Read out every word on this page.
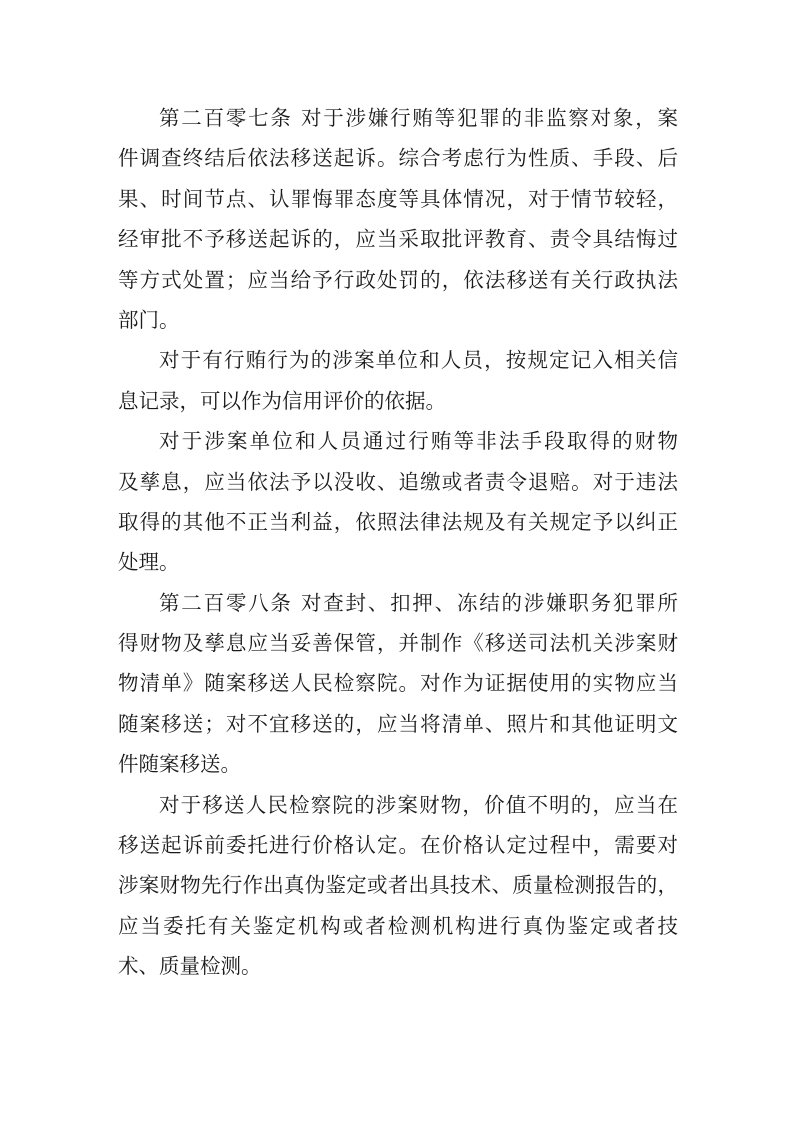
第二百零七条 对于涉嫌行贿等犯罪的非监察对象，案
件调查终结后依法移送起诉。综合考虑行为性质、手段、后
果、时间节点、认罪悔罪态度等具体情况，对于情节较轻，
经审批不予移送起诉的，应当采取批评教育、责令具结悔过
等方式处置；应当给予行政处罚的，依法移送有关行政执法
部门。
对于有行贿行为的涉案单位和人员，按规定记入相关信
息记录，可以作为信用评价的依据。
对于涉案单位和人员通过行贿等非法手段取得的财物
及孳息，应当依法予以没收、追缴或者责令退赔。对于违法
取得的其他不正当利益，依照法律法规及有关规定予以纠正
处理。
第二百零八条 对查封、扣押、冻结的涉嫌职务犯罪所
得财物及孳息应当妥善保管，并制作《移送司法机关涉案财
物清单》随案移送人民检察院。对作为证据使用的实物应当
随案移送；对不宜移送的，应当将清单、照片和其他证明文
件随案移送。
对于移送人民检察院的涉案财物，价值不明的，应当在
移送起诉前委托进行价格认定。在价格认定过程中，需要对
涉案财物先行作出真伪鉴定或者出具技术、质量检测报告的，
应当委托有关鉴定机构或者检测机构进行真伪鉴定或者技
术、质量检测。
